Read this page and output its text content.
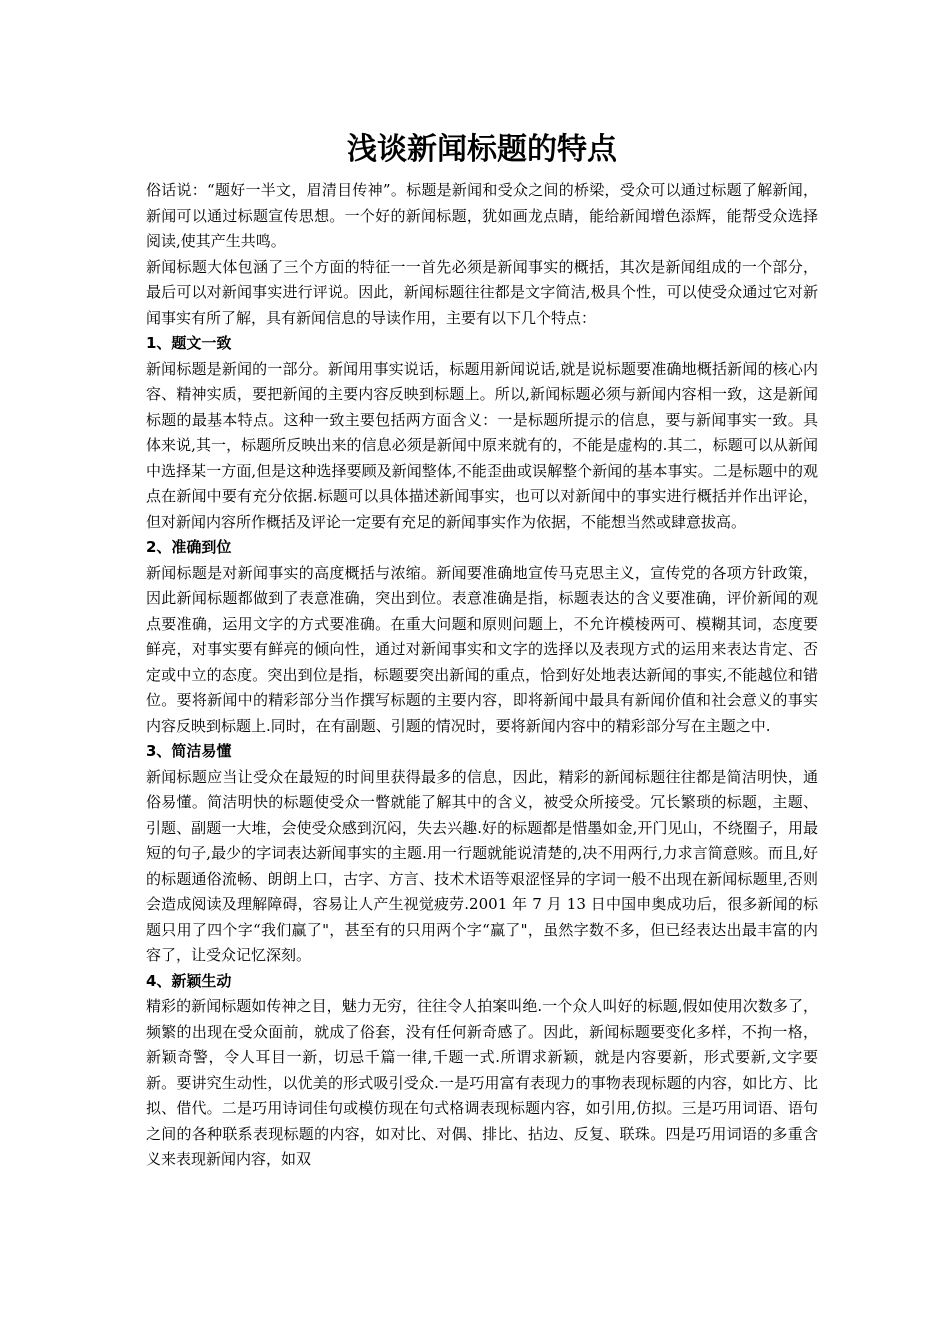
浅谈新闻标题的特点

俗话说：“题好一半文，眉清目传神”。标题是新闻和受众之间的桥梁，受众可以通过标题了解新闻，新闻可以通过标题宣传思想。一个好的新闻标题，犹如画龙点睛，能给新闻增色添辉，能帮受众选择阅读,使其产生共鸣。

新闻标题大体包涵了三个方面的特征一一首先必须是新闻事实的概括，其次是新闻组成的一个部分，最后可以对新闻事实进行评说。因此，新闻标题往往都是文字简洁,极具个性，可以使受众通过它对新闻事实有所了解，具有新闻信息的导读作用，主要有以下几个特点：

1、题文一致

新闻标题是新闻的一部分。新闻用事实说话，标题用新闻说话,就是说标题要准确地概括新闻的核心内容、精神实质，要把新闻的主要内容反映到标题上。所以,新闻标题必须与新闻内容相一致，这是新闻标题的最基本特点。这种一致主要包括两方面含义：一是标题所提示的信息，要与新闻事实一致。具体来说,其一，标题所反映出来的信息必须是新闻中原来就有的，不能是虚构的.其二，标题可以从新闻中选择某一方面,但是这种选择要顾及新闻整体,不能歪曲或误解整个新闻的基本事实。二是标题中的观点在新闻中要有充分依据.标题可以具体描述新闻事实，也可以对新闻中的事实进行概括并作出评论，但对新闻内容所作概括及评论一定要有充足的新闻事实作为依据，不能想当然或肆意拔高。

2、准确到位

新闻标题是对新闻事实的高度概括与浓缩。新闻要准确地宣传马克思主义，宣传党的各项方针政策，因此新闻标题都做到了表意准确，突出到位。表意准确是指，标题表达的含义要准确，评价新闻的观点要准确，运用文字的方式要准确。在重大问题和原则问题上，不允许模棱两可、模糊其词，态度要鲜亮，对事实要有鲜亮的倾向性，通过对新闻事实和文字的选择以及表现方式的运用来表达肯定、否定或中立的态度。突出到位是指，标题要突出新闻的重点，恰到好处地表达新闻的事实,不能越位和错位。要将新闻中的精彩部分当作撰写标题的主要内容，即将新闻中最具有新闻价值和社会意义的事实内容反映到标题上.同时，在有副题、引题的情况时，要将新闻内容中的精彩部分写在主题之中.

3、简洁易懂

新闻标题应当让受众在最短的时间里获得最多的信息，因此，精彩的新闻标题往往都是简洁明快，通俗易懂。简洁明快的标题使受众一瞥就能了解其中的含义，被受众所接受。冗长繁琐的标题，主题、引题、副题一大堆，会使受众感到沉闷，失去兴趣.好的标题都是惜墨如金,开门见山，不绕圈子，用最短的句子,最少的字词表达新闻事实的主题.用一行题就能说清楚的,决不用两行,力求言简意赅。而且,好的标题通俗流畅、朗朗上口，古字、方言、技术术语等艰涩怪异的字词一般不出现在新闻标题里,否则会造成阅读及理解障碍，容易让人产生视觉疲劳.2001 年 7 月 13 日中国申奥成功后，很多新闻的标题只用了四个字“我们赢了"，甚至有的只用两个字“赢了"，虽然字数不多，但已经表达出最丰富的内容了，让受众记忆深刻。

4、新颖生动

精彩的新闻标题如传神之目，魅力无穷，往往令人拍案叫绝.一个众人叫好的标题,假如使用次数多了，频繁的出现在受众面前，就成了俗套，没有任何新奇感了。因此，新闻标题要变化多样，不拘一格，新颖奇警，令人耳目一新，切忌千篇一律,千题一式.所谓求新颖，就是内容要新，形式要新,文字要新。要讲究生动性，以优美的形式吸引受众.一是巧用富有表现力的事物表现标题的内容，如比方、比拟、借代。二是巧用诗词佳句或模仿现在句式格调表现标题内容，如引用,仿拟。三是巧用词语、语句之间的各种联系表现标题的内容，如对比、对偶、排比、拈边、反复、联珠。四是巧用词语的多重含义来表现新闻内容，如双
